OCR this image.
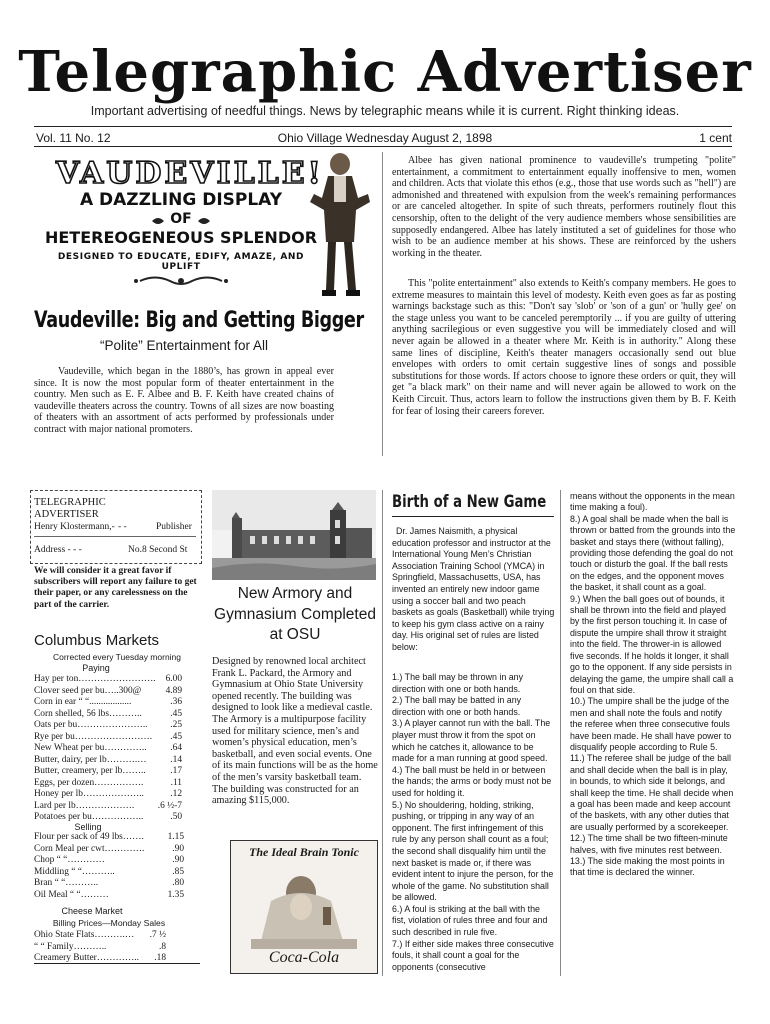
Telegraphic Advertiser
Important advertising of needful things. News by telegraphic means while it is current. Right thinking ideas.
Vol. 11 No. 12	Ohio Village Wednesday August 2, 1898	1 cent
VAUDEVILLE!
A DAZZLING DISPLAY
OF
HETEREOGENEOUS SPLENDOR
DESIGNED TO EDUCATE, EDIFY, AMAZE, AND UPLIFT
Vaudeville: Big and Getting Bigger
“Polite” Entertainment for All
Vaudeville, which began in the 1880’s, has grown in appeal ever since. It is now the most popular form of theater entertainment in the country. Men such as E. F. Albee and B. F. Keith have created chains of vaudeville theaters across the country. Towns of all sizes are now boasting of theaters with an assortment of acts performed by professionals under contract with major national promoters.
Albee has given national prominence to vaudeville's trumpeting "polite" entertainment, a commitment to entertainment equally inoffensive to men, women and children. Acts that violate this ethos (e.g., those that use words such as "hell") are admonished and threatened with expulsion from the week's remaining performances or are canceled altogether. In spite of such threats, performers routinely flout this censorship, often to the delight of the very audience members whose sensibilities are supposedly endangered. Albee has lately instituted a set of guidelines for those who wish to be an audience member at his shows. These are reinforced by the ushers working in the theater.
This "polite entertainment" also extends to Keith's company members. He goes to extreme measures to maintain this level of modesty. Keith even goes as far as posting warnings backstage such as this: "Don't say 'slob' or 'son of a gun' or 'hully gee' on the stage unless you want to be canceled peremptorily ... if you are guilty of uttering anything sacrilegious or even suggestive you will be immediately closed and will never again be allowed in a theater where Mr. Keith is in authority." Along these same lines of discipline, Keith's theater managers occasionally send out blue envelopes with orders to omit certain suggestive lines of songs and possible substitutions for those words. If actors choose to ignore these orders or quit, they will get "a black mark" on their name and will never again be allowed to work on the Keith Circuit. Thus, actors learn to follow the instructions given them by B. F. Keith for fear of losing their careers forever.
TELEGRAPHIC
ADVERTISER
Henry Klostermann,- - -	Publisher
Address - - -	No.8 Second St
We will consider it a great favor if subscribers will report any failure to get their paper, or any carelessness on the part of the carrier.
Columbus Markets
Corrected every Tuesday morning
Paying
Hay per ton……………………. 6.00
Clover seed per bu…..300@	4.89
Corn in ear “ “..................	.36
Corn shelled, 56 lbs………..	.45
Oats per bu………………….. .25
Rye per bu……………………. .45
New Wheat per bu…………..	.64
Butter, dairy, per lb……….…	.14
Butter, creamery, per lb……..	.17
Eggs, per dozen…………….	.11
Honey per lb………………..	.12
Lard per lb……………….	.6 ½-7
Potatoes per bu……………..	.50
Selling
Flour per sack of 49 lbs…….	1.15
Corn Meal per cwt………….	.90
Chop “ “…………	.90
Middling “ “………..	.85
Bran “ “………..	.80
Oil Meal “ “………	1.35
Cheese Market
Billing Prices—Monday Sales
Ohio State Flats……….… .7 ½
“ “ Family………..	.8
Creamery Butter………….. .18
New Armory and Gymnasium Completed at OSU
Designed by renowned local architect Frank L. Packard, the Armory and Gymnasium at Ohio State University opened recently. The building was designed to look like a medieval castle.
The Armory is a multipurpose facility used for military science, men’s and women’s physical education, men’s basketball, and even social events. One of its main functions will be as the home of the men’s varsity basketball team. The building was constructed for an amazing $115,000.
The Ideal Brain Tonic
Coca-Cola
Birth of a New Game
Dr. James Naismith, a physical education professor and instructor at the International Young Men’s Christian Association Training School (YMCA) in Springfield, Massachusetts, USA, has invented an entirely new indoor game using a soccer ball and two peach baskets as goals (Basketball) while trying to keep his gym class active on a rainy day. His original set of rules are listed below:
1.) The ball may be thrown in any direction with one or both hands.
2.) The ball may be batted in any direction with one or both hands.
3.) A player cannot run with the ball. The player must throw it from the spot on which he catches it, allowance to be made for a man running at good speed.
4.) The ball must be held in or between the hands; the arms or body must not be used for holding it.
5.) No shouldering, holding, striking, pushing, or tripping in any way of an opponent. The first infringement of this rule by any person shall count as a foul; the second shall disqualify him until the next basket is made or, if there was evident intent to injure the person, for the whole of the game. No substitution shall be allowed.
6.) A foul is striking at the ball with the fist, violation of rules three and four and such described in rule five.
7.) If either side makes three consecutive fouls, it shall count a goal for the opponents (consecutive
means without the opponents in the mean time making a foul).
8.) A goal shall be made when the ball is thrown or batted from the grounds into the basket and stays there (without falling), providing those defending the goal do not touch or disturb the goal. If the ball rests on the edges, and the opponent moves the basket, it shall count as a goal.
9.) When the ball goes out of bounds, it shall be thrown into the field and played by the first person touching it. In case of dispute the umpire shall throw it straight into the field. The thrower-in is allowed five seconds. If he holds it longer, it shall go to the opponent. If any side persists in delaying the game, the umpire shall call a foul on that side.
10.) The umpire shall be the judge of the men and shall note the fouls and notify the referee when three consecutive fouls have been made. He shall have power to disqualify people according to Rule 5.
11.) The referee shall be judge of the ball and shall decide when the ball is in play, in bounds, to which side it belongs, and shall keep the time. He shall decide when a goal has been made and keep account of the baskets, with any other duties that are usually performed by a scorekeeper.
12.) The time shall be two fifteen-minute halves, with five minutes rest between.
13.) The side making the most points in that time is declared the winner.
